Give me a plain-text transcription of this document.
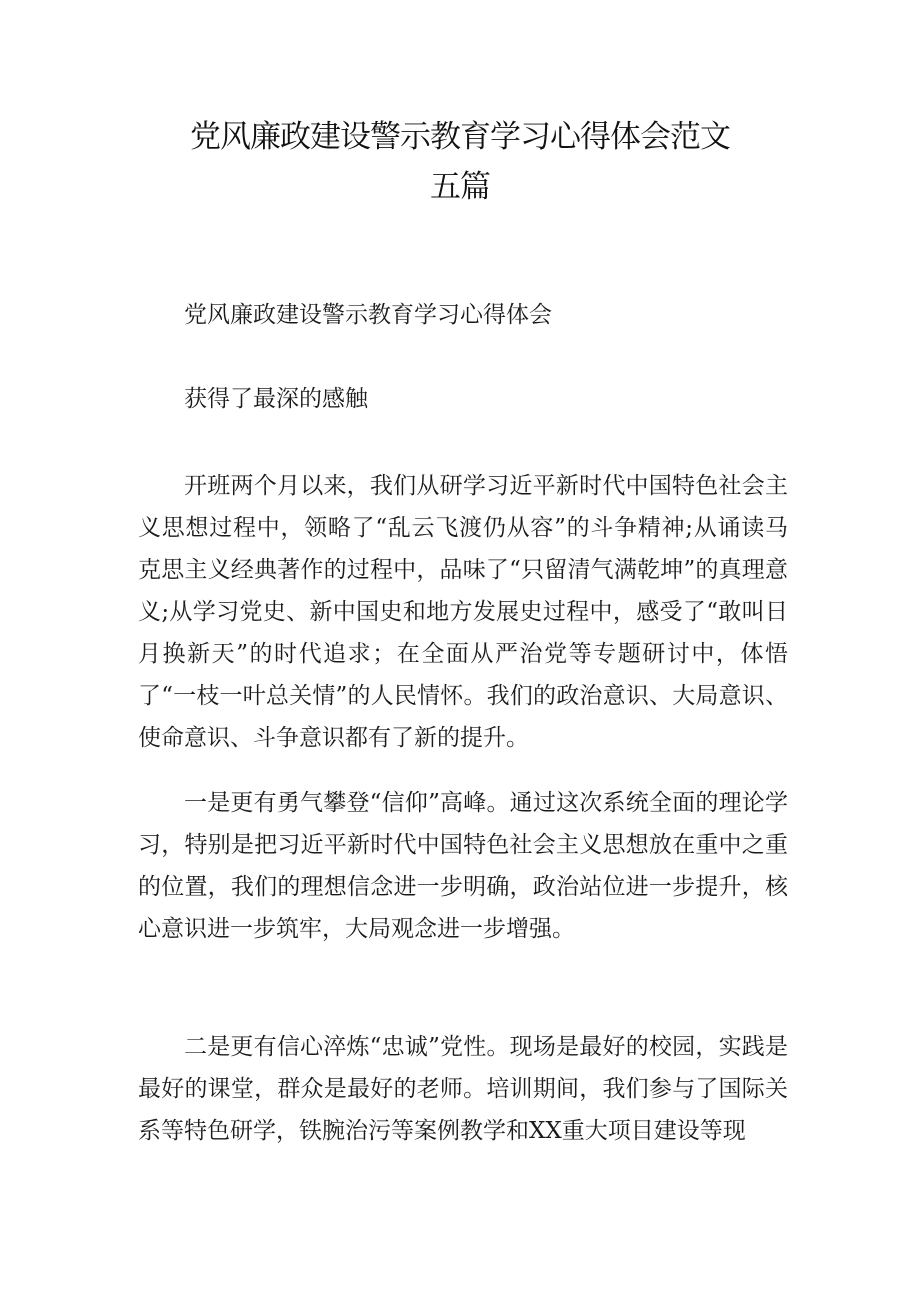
党风廉政建设警示教育学习心得体会范文
五篇

党风廉政建设警示教育学习心得体会

获得了最深的感触

开班两个月以来，我们从研学习近平新时代中国特色社会主义思想过程中，领略了“乱云飞渡仍从容”的斗争精神;从诵读马克思主义经典著作的过程中，品味了“只留清气满乾坤”的真理意义;从学习党史、新中国史和地方发展史过程中，感受了“敢叫日月换新天”的时代追求；在全面从严治党等专题研讨中，体悟了“一枝一叶总关情”的人民情怀。我们的政治意识、大局意识、使命意识、斗争意识都有了新的提升。

一是更有勇气攀登“信仰”高峰。通过这次系统全面的理论学习，特别是把习近平新时代中国特色社会主义思想放在重中之重的位置，我们的理想信念进一步明确，政治站位进一步提升，核心意识进一步筑牢，大局观念进一步增强。

二是更有信心淬炼“忠诚”党性。现场是最好的校园，实践是最好的课堂，群众是最好的老师。培训期间，我们参与了国际关系等特色研学，铁腕治污等案例教学和XX重大项目建设等现
